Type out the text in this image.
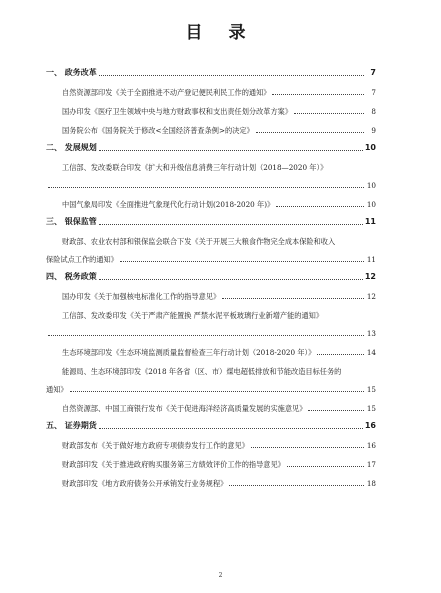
目 录
一、 政务改革	7
自然资源部印发《关于全面推进不动产登记便民利民工作的通知》	7
国办印发《医疗卫生领域中央与地方财政事权和支出责任划分改革方案》	8
国务院公布《国务院关于修改<全国经济普查条例>的决定》	9
二、 发展规划	10
工信部、发改委联合印发《扩大和升级信息消费三年行动计划（2018—2020 年）》
10
中国气象局印发《全面推进气象现代化行动计划(2018-2020 年)》	10
三、 银保监管	11
财政部、农业农村部和银保监会联合下发《关于开展三大粮食作物完全成本保险和收入
保险试点工作的通知》	11
四、 税务政策	12
国办印发《关于加强核电标准化工作的指导意见》	12
工信部、发改委印发《关于严肃产能置换 严禁水泥平板玻璃行业新增产能的通知》
13
生态环境部印发《生态环境监测质量监督检查三年行动计划（2018-2020 年）》	14
能源局、生态环境部印发《2018 年各省（区、市）煤电超低排放和节能改造目标任务的
通知》	15
自然资源部、中国工商银行发布《关于促进海洋经济高质量发展的实施意见》	15
五、 证券期货	16
财政部发布《关于做好地方政府专项债券发行工作的意见》	16
财政部印发《关于推进政府购买服务第三方绩效评价工作的指导意见》	17
财政部印发《地方政府债务公开承销发行业务规程》	18
2
